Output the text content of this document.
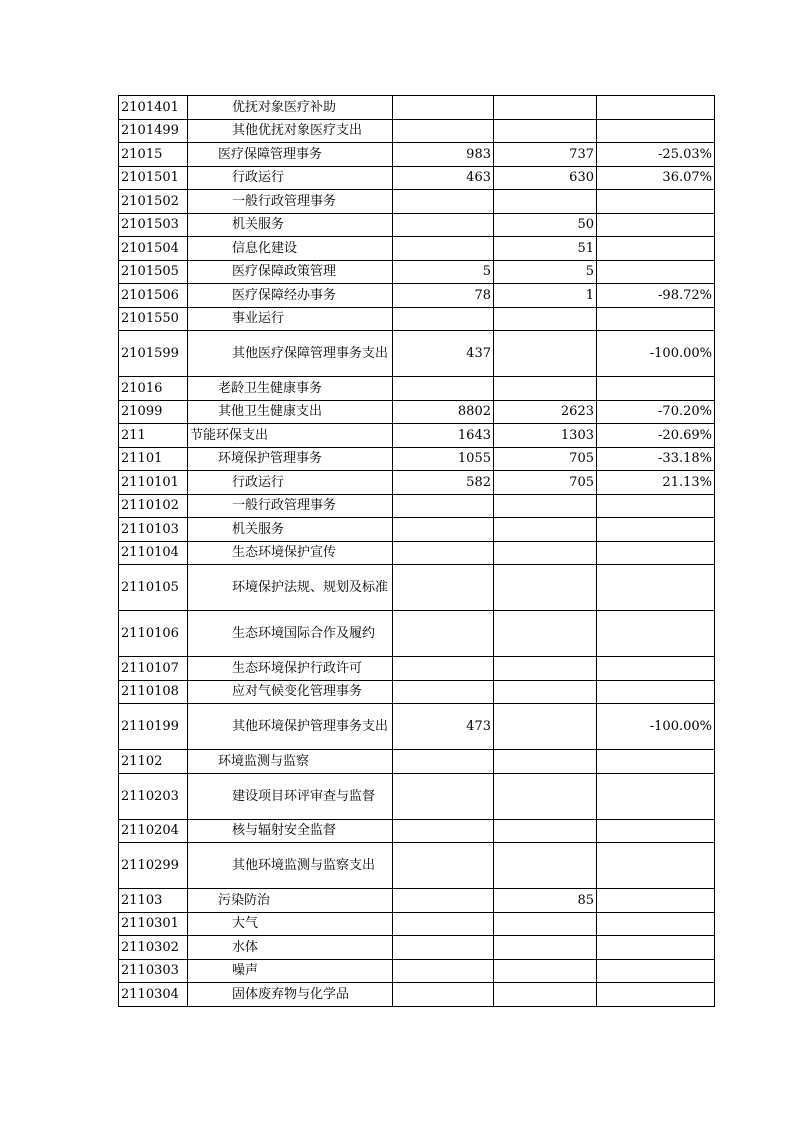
2101401	优抚对象医疗补助			
2101499	其他优抚对象医疗支出			
21015	医疗保障管理事务	983	737	-25.03%
2101501	行政运行	463	630	36.07%
2101502	一般行政管理事务			
2101503	机关服务		50	
2101504	信息化建设		51	
2101505	医疗保障政策管理	5	5	
2101506	医疗保障经办事务	78	1	-98.72%
2101550	事业运行			
2101599	其他医疗保障管理事务支出	437		-100.00%
21016	老龄卫生健康事务			
21099	其他卫生健康支出	8802	2623	-70.20%
211	节能环保支出	1643	1303	-20.69%
21101	环境保护管理事务	1055	705	-33.18%
2110101	行政运行	582	705	21.13%
2110102	一般行政管理事务			
2110103	机关服务			
2110104	生态环境保护宣传			
2110105	环境保护法规、规划及标准			
2110106	生态环境国际合作及履约			
2110107	生态环境保护行政许可			
2110108	应对气候变化管理事务			
2110199	其他环境保护管理事务支出	473		-100.00%
21102	环境监测与监察			
2110203	建设项目环评审查与监督			
2110204	核与辐射安全监督			
2110299	其他环境监测与监察支出			
21103	污染防治		85	
2110301	大气			
2110302	水体			
2110303	噪声			
2110304	固体废弃物与化学品			
